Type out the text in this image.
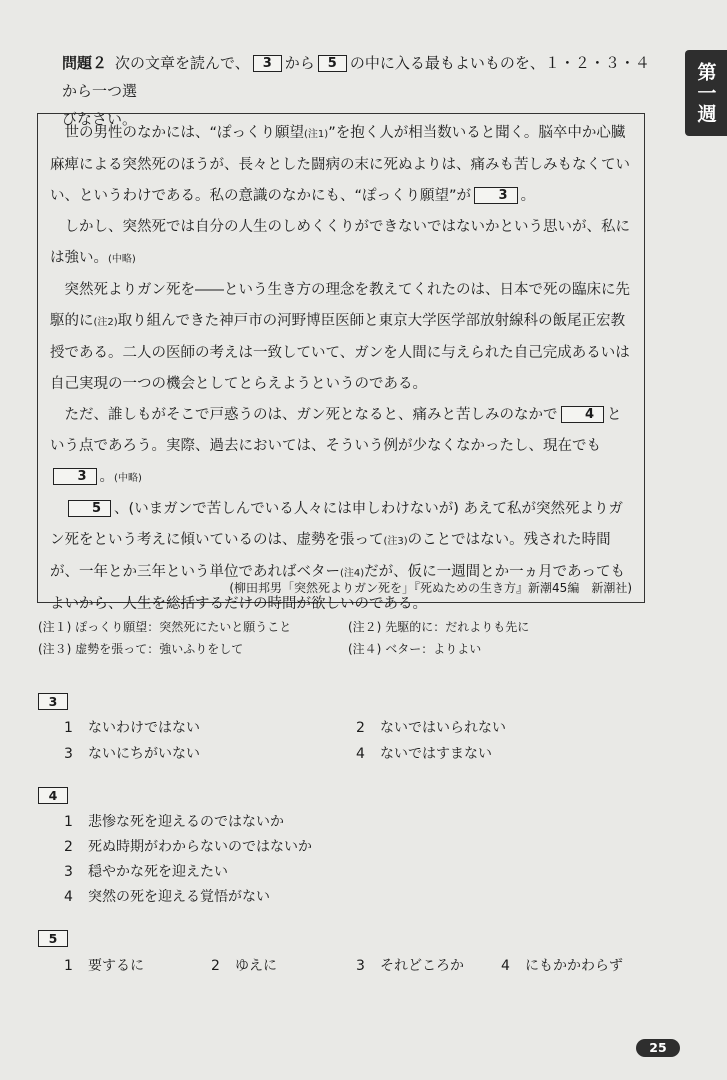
第一週
問題２ 次の文章を読んで、 3 から 5 の中に入る最もよいものを、１・２・３・４から一つ選
びなさい。

世の男性のなかには、“ぽっくり願望(注1)”を抱く人が相当数いると聞く。脳卒中か心臓麻痺による突然死のほうが、長々とした闘病の末に死ぬよりは、痛みも苦しみもなくていい、というわけである。私の意識のなかにも、“ぽっくり願望”が 3 。

しかし、突然死では自分の人生のしめくくりができないではないかという思いが、私には強い。(中略)

突然死よりガン死を――という生き方の理念を教えてくれたのは、日本で死の臨床に先駆的に(注2)取り組んできた神戸市の河野博臣医師と東京大学医学部放射線科の飯尾正宏教授である。二人の医師の考えは一致していて、ガンを人間に与えられた自己完成あるいは自己実現の一つの機会としてとらえようというのである。

ただ、誰しもがそこで戸惑うのは、ガン死となると、痛みと苦しみのなかで 4 という点であろう。実際、過去においては、そういう例が少なくなかったし、現在でも3 。(中略)

5 、(いまガンで苦しんでいる人々には申しわけないが) あえて私が突然死よりガン死をという考えに傾いているのは、虚勢を張って(注3)のことではない。残された時間が、一年とか三年という単位であればベター(注4)だが、仮に一週間とか一ヵ月であってもよいから、人生を総括するだけの時間が欲しいのである。

(柳田邦男「突然死よりガン死を」『死ぬための生き方』新潮45編　新潮社)
(注１) ぽっくり願望：突然死にたいと願うこと	(注２) 先駆的に：だれよりも先に
(注３) 虚勢を張って：強いふりをして	(注４) ベター：よりよい
3
1 ないわけではない	2 ないではいられない
3 ないにちがいない	4 ないではすまない
4
1 悲惨な死を迎えるのではないか
2 死ぬ時期がわからないのではないか
3 穏やかな死を迎えたい
4 突然の死を迎える覚悟がない
5
1 要するに	2 ゆえに	3 それどころか	4 にもかかわらず
25
